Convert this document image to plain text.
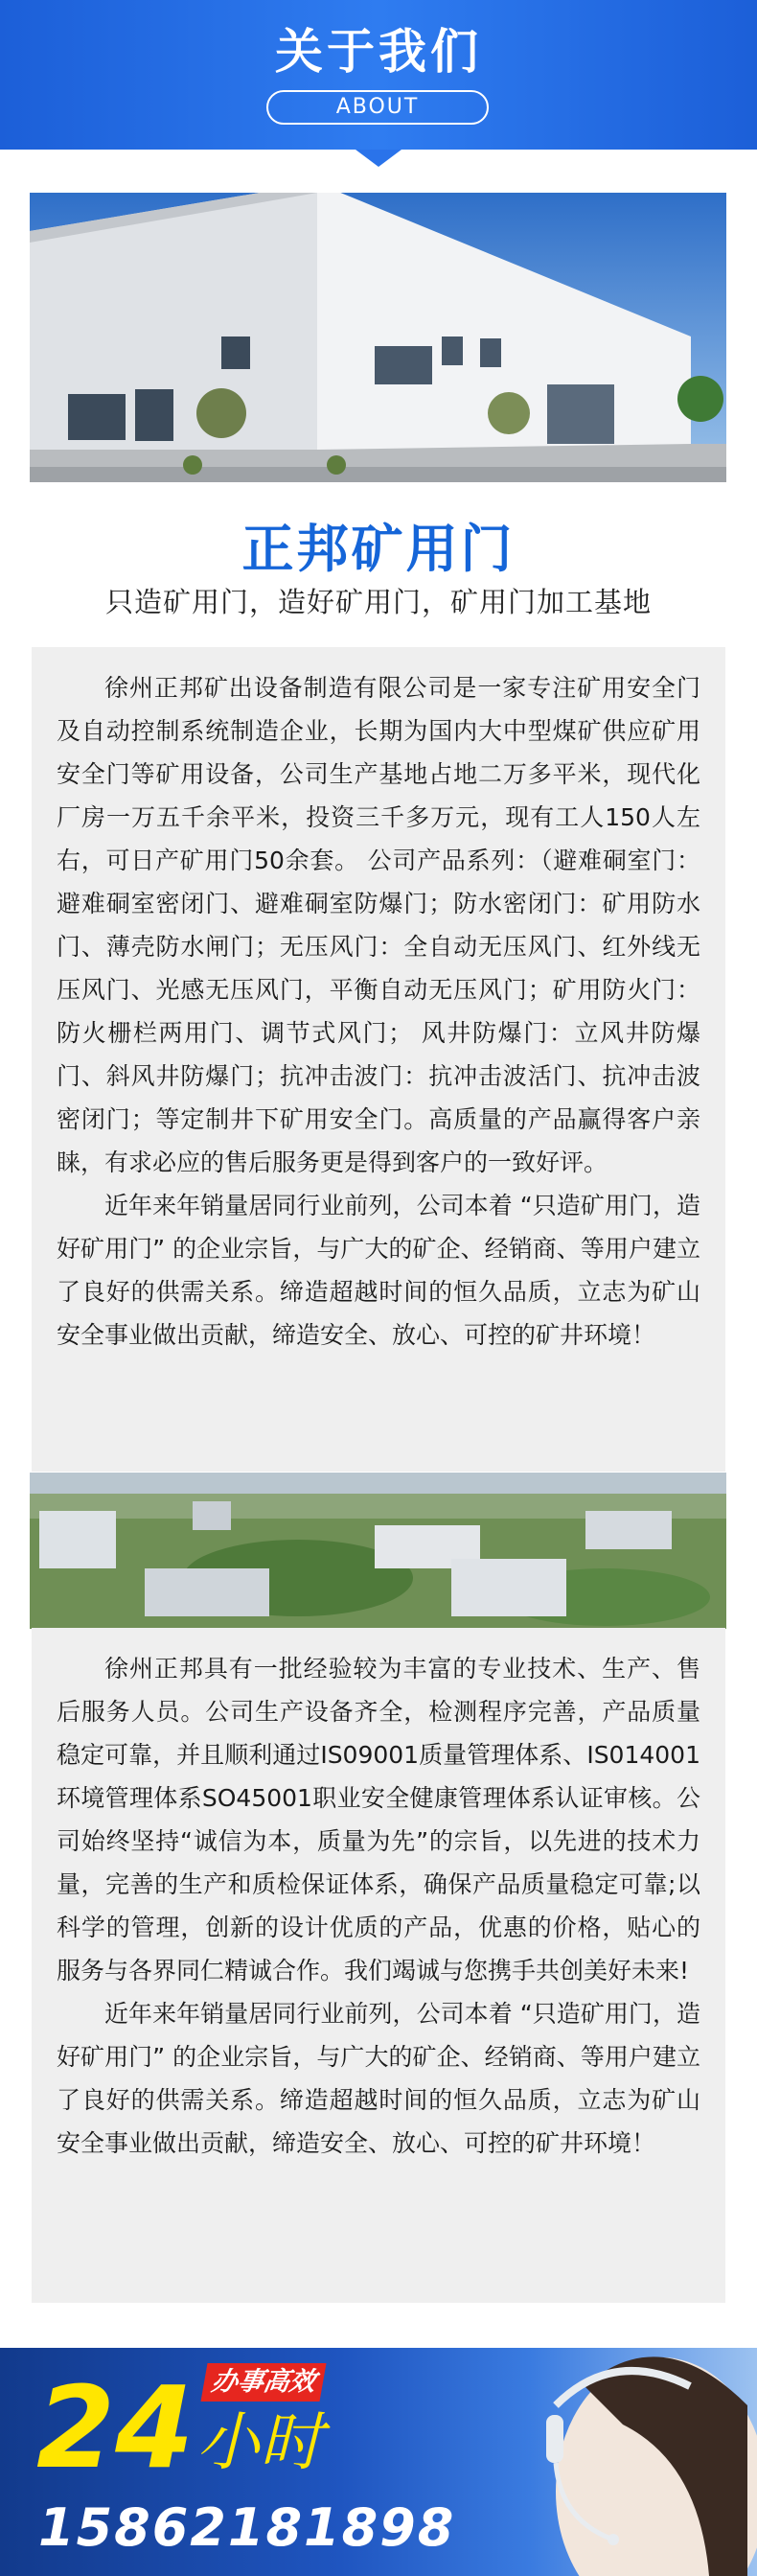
关于我们
ABOUT
正邦矿用门
只造矿用门，造好矿用门，矿用门加工基地

徐州正邦矿出设备制造有限公司是一家专注矿用安全门及自动控制系统制造企业，长期为国内大中型煤矿供应矿用安全门等矿用设备，公司生产基地占地二万多平米，现代化厂房一万五千余平米，投资三千多万元，现有工人150人左右，可日产矿用门50余套。 公司产品系列：（避难硐室门：避难硐室密闭门、避难硐室防爆门；防水密闭门：矿用防水门、薄壳防水闸门；无压风门：全自动无压风门、红外线无压风门、光感无压风门，平衡自动无压风门；矿用防火门：防火栅栏两用门、调节式风门； 风井防爆门：立风井防爆门、斜风井防爆门；抗冲击波门：抗冲击波活门、抗冲击波密闭门；等定制井下矿用安全门。高质量的产品赢得客户亲睐，有求必应的售后服务更是得到客户的一致好评。

近年来年销量居同行业前列，公司本着 “只造矿用门，造好矿用门” 的企业宗旨，与广大的矿企、经销商、等用户建立了良好的供需关系。缔造超越时间的恒久品质，立志为矿山安全事业做出贡献，缔造安全、放心、可控的矿井环境！

徐州正邦具有一批经验较为丰富的专业技术、生产、售后服务人员。公司生产设备齐全，检测程序完善，产品质量稳定可靠，并且顺利通过IS09001质量管理体系、IS014001环境管理体系SO45001职业安全健康管理体系认证审核。公司始终坚持“诚信为本，质量为先”的宗旨，以先进的技术力量，完善的生产和质检保证体系，确保产品质量稳定可靠;以科学的管理，创新的设计优质的产品，优惠的价格，贴心的服务与各界同仁精诚合作。我们竭诚与您携手共创美好未来!

近年来年销量居同行业前列，公司本着 “只造矿用门，造好矿用门” 的企业宗旨，与广大的矿企、经销商、等用户建立了良好的供需关系。缔造超越时间的恒久品质，立志为矿山安全事业做出贡献，缔造安全、放心、可控的矿井环境！

办事高效
24 小时
15862181898
